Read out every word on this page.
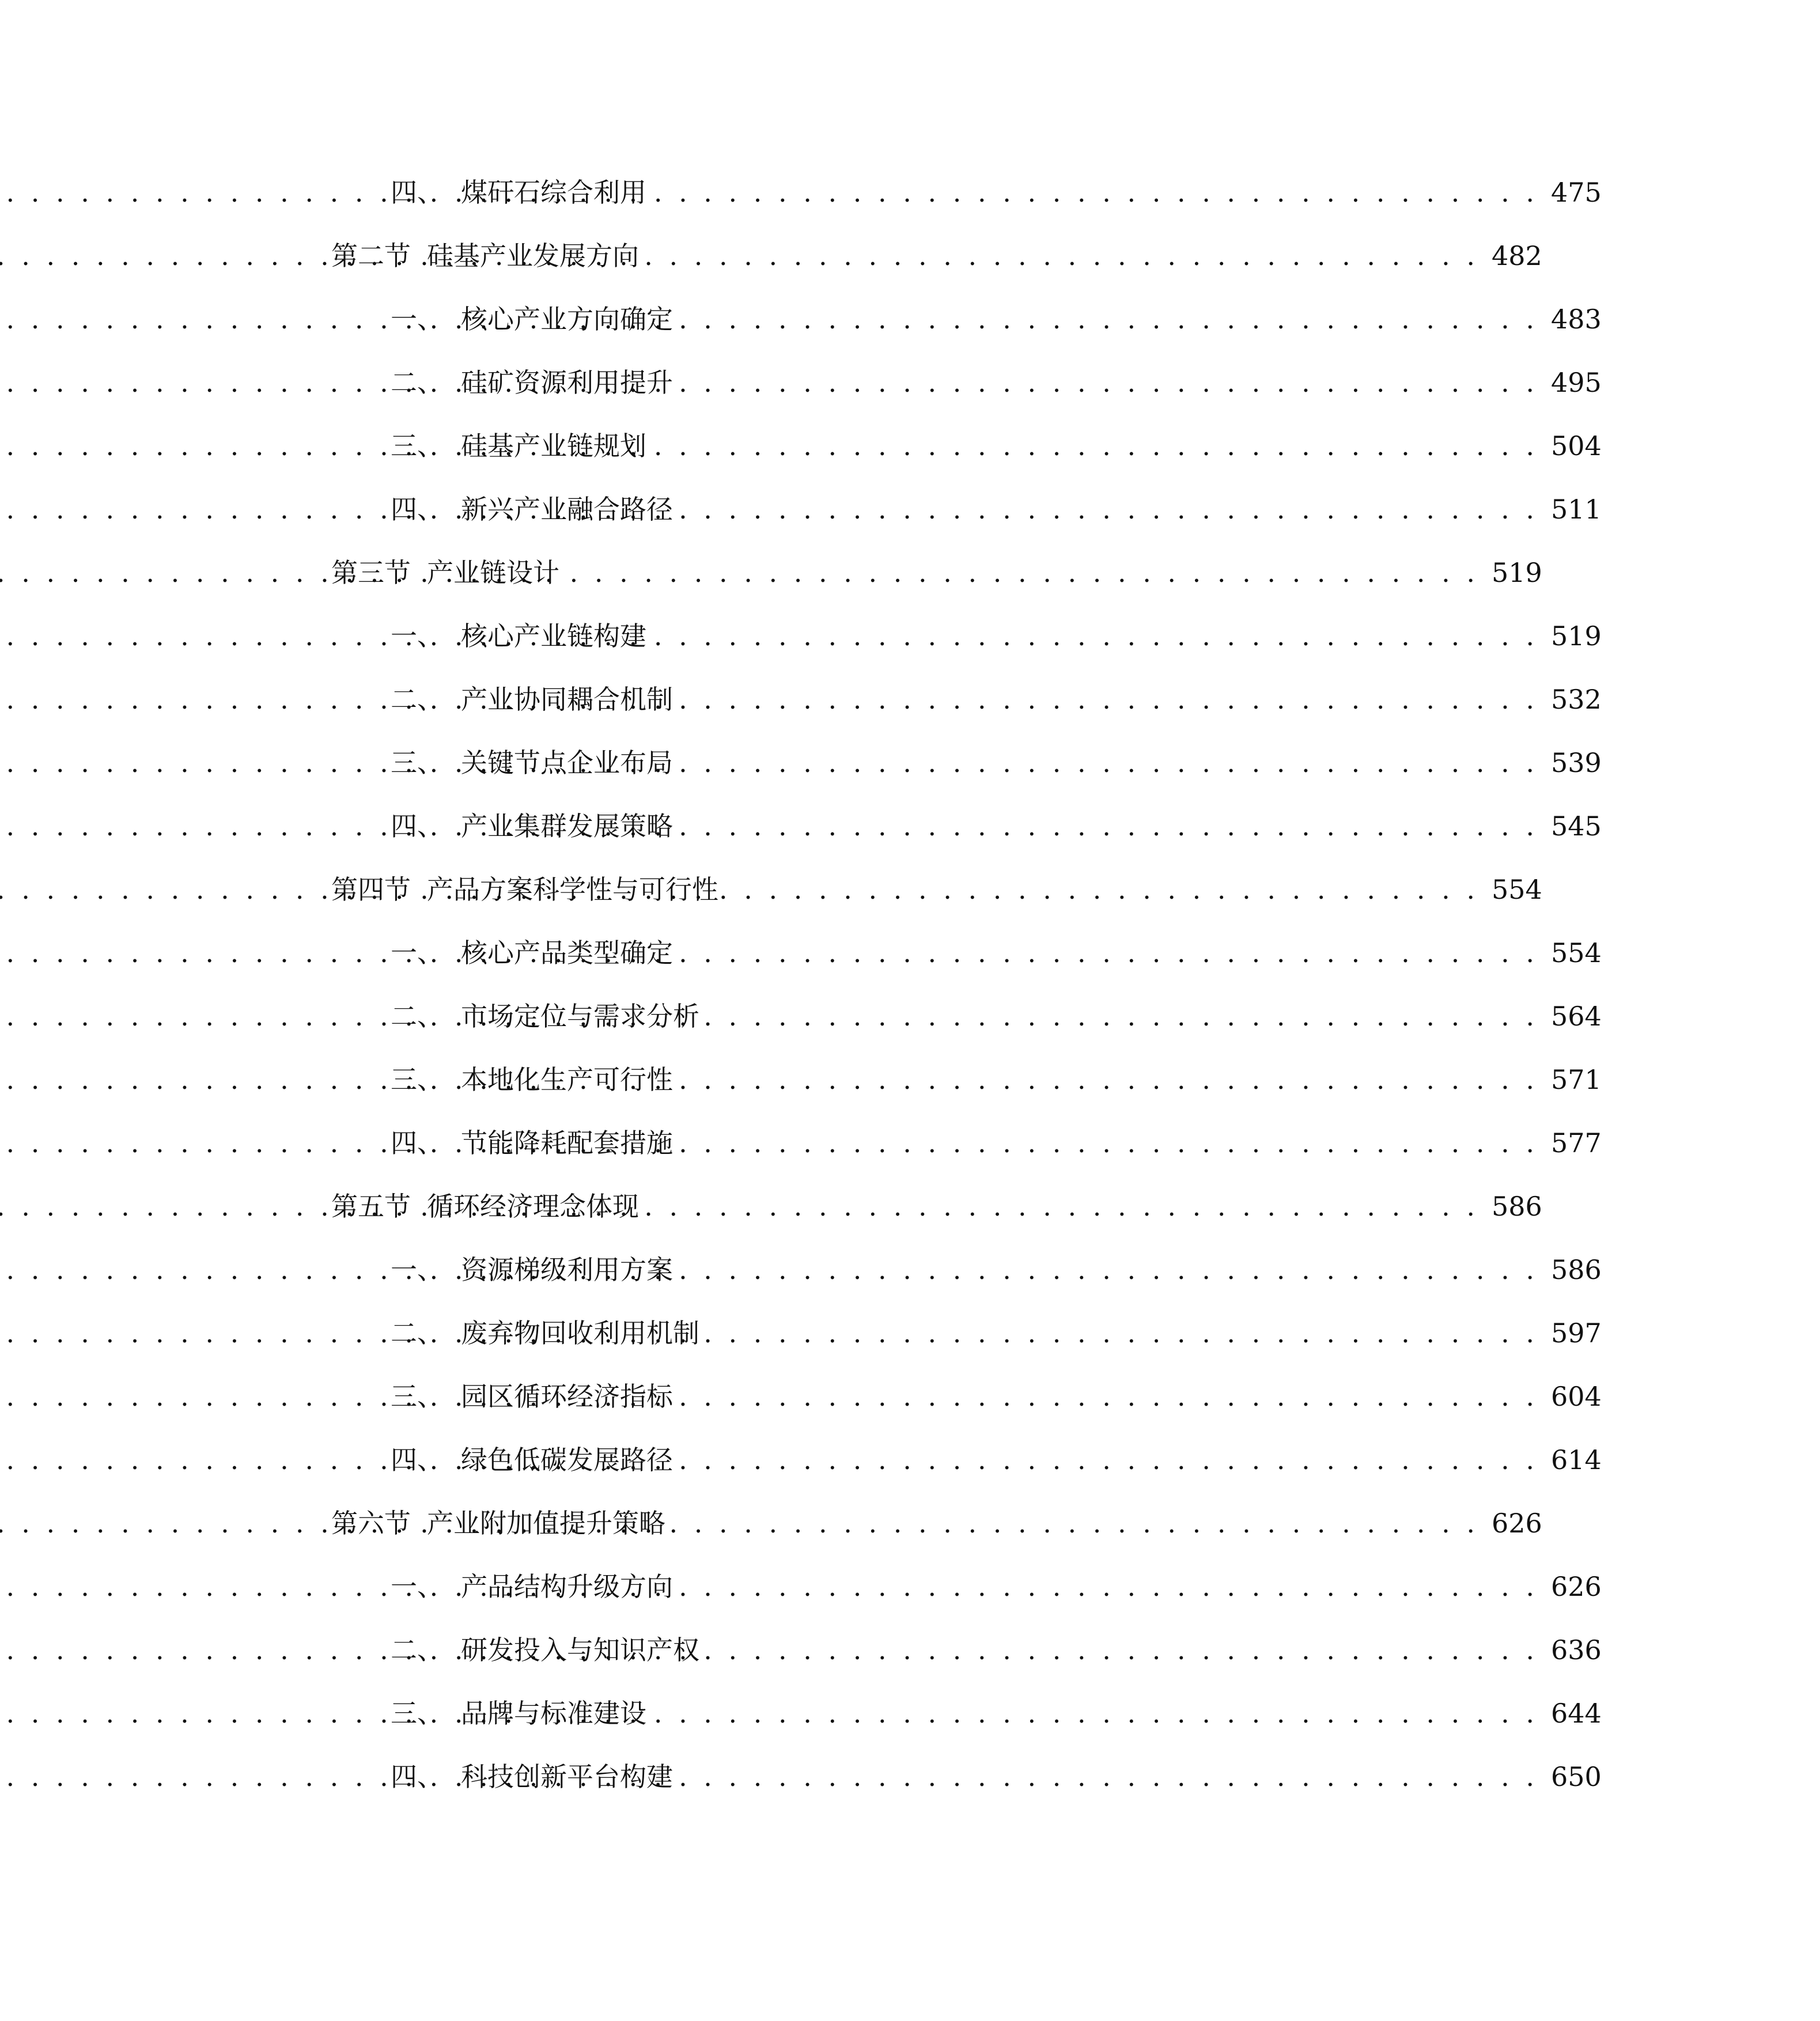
四、 煤矸石综合利用 . . .	475
第二节 硅基产业发展方向 . . .	482
一、 核心产业方向确定 . . .	483
二、 硅矿资源利用提升 . . .	495
三、 硅基产业链规划 . . .	504
四、 新兴产业融合路径 . . .	511
第三节 产业链设计 . . .	519
一、 核心产业链构建 . . .	519
二、 产业协同耦合机制 . . .	532
三、 关键节点企业布局 . . .	539
四、 产业集群发展策略 . . .	545
第四节 产品方案科学性与可行性 . . .	554
一、 核心产品类型确定 . . .	554
二、 市场定位与需求分析 . . .	564
三、 本地化生产可行性 . . .	571
四、 节能降耗配套措施 . . .	577
第五节 循环经济理念体现 . . .	586
一、 资源梯级利用方案 . . .	586
二、 废弃物回收利用机制 . . .	597
三、 园区循环经济指标 . . .	604
四、 绿色低碳发展路径 . . .	614
第六节 产业附加值提升策略 . . .	626
一、 产品结构升级方向 . . .	626
二、 研发投入与知识产权 . . .	636
三、 品牌与标准建设 . . .	644
四、 科技创新平台构建 . . .	650
